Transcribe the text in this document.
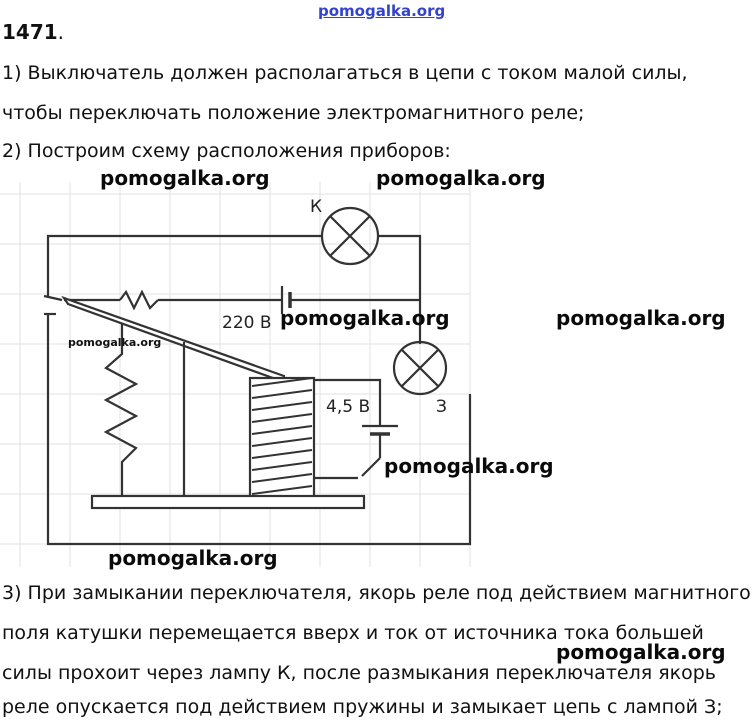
pomogalka.org
1471.
1) Выключатель должен располагаться в цепи с током малой силы,
чтобы переключать положение электромагнитного реле;
2) Построим схему расположения приборов:
К
З
220 В
4,5 В
pomogalka.org	pomogalka.org
pomogalka.org	pomogalka.org
pomogalka.org
pomogalka.org
pomogalka.org
3) При замыкании переключателя, якорь реле под действием магнитного
поля катушки перемещается вверх и ток от источника тока большей
силы прохоит через лампу К, после размыкания переключателя якорь
реле опускается под действием пружины и замыкает цепь с лампой З;
pomogalka.org
